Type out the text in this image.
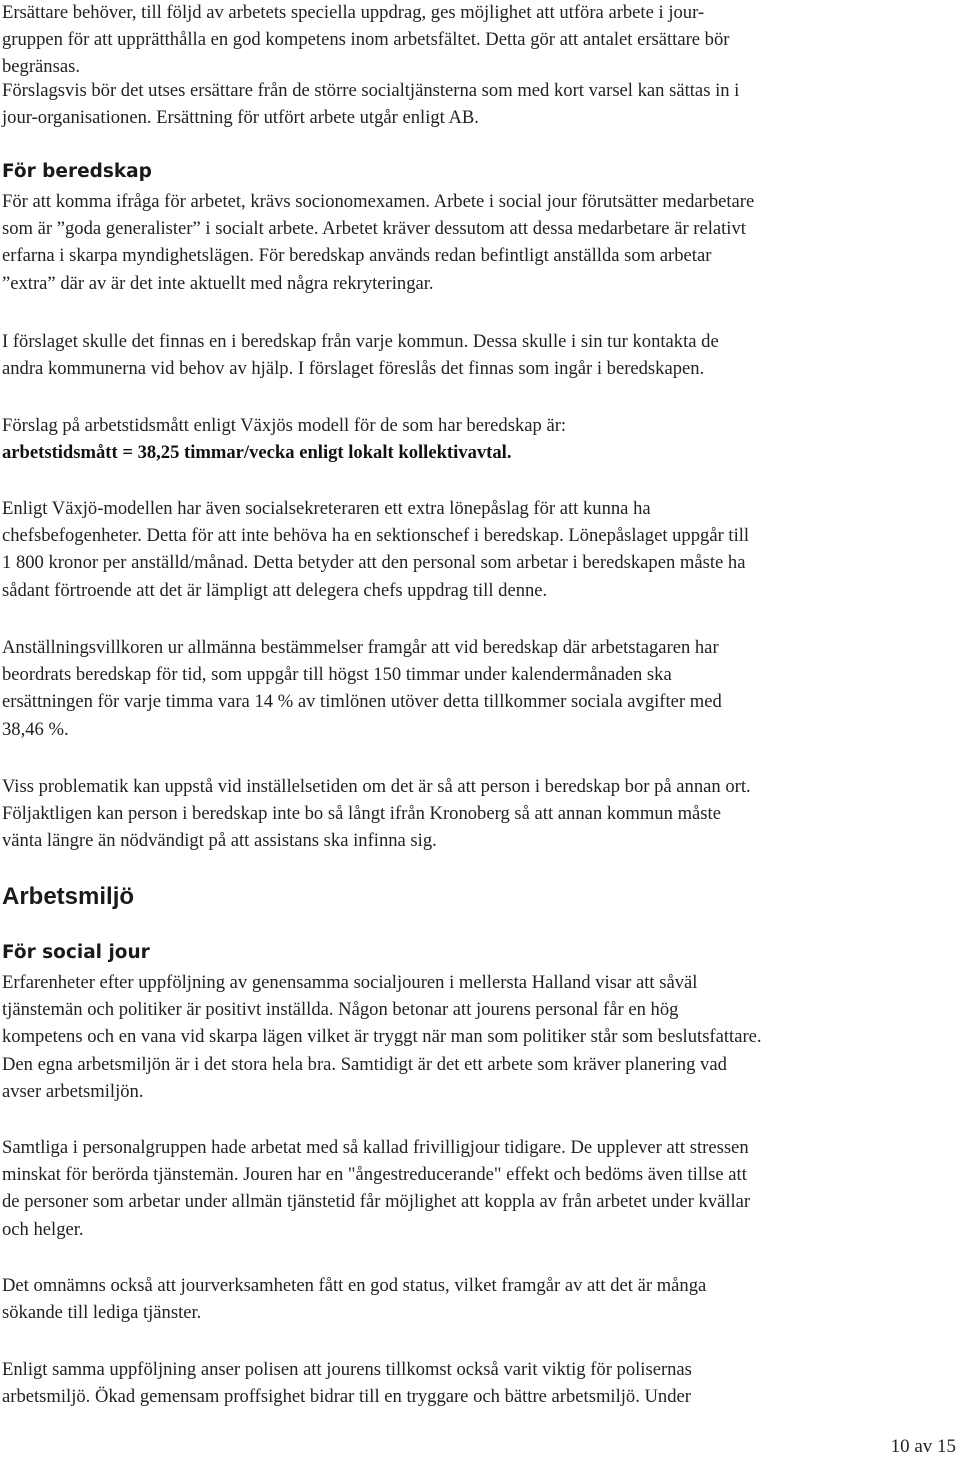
Ersättare behöver, till följd av arbetets speciella uppdrag, ges möjlighet att utföra arbete i jour-
gruppen för att upprätthålla en god kompetens inom arbetsfältet. Detta gör att antalet ersättare bör
begränsas.
Förslagsvis bör det utses ersättare från de större socialtjänsterna som med kort varsel kan sättas in i
jour-organisationen. Ersättning för utfört arbete utgår enligt AB.
För beredskap
För att komma ifråga för arbetet, krävs socionomexamen. Arbete i social jour förutsätter medarbetare
som är ”goda generalister” i socialt arbete. Arbetet kräver dessutom att dessa medarbetare är relativt
erfarna i skarpa myndighetslägen. För beredskap används redan befintligt anställda som arbetar
”extra” där av är det inte aktuellt med några rekryteringar.
I förslaget skulle det finnas en i beredskap från varje kommun. Dessa skulle i sin tur kontakta de
andra kommunerna vid behov av hjälp. I förslaget föreslås det finnas som ingår i beredskapen.
Förslag på arbetstidsmått enligt Växjös modell för de som har beredskap är:
arbetstidsmått = 38,25 timmar/vecka enligt lokalt kollektivavtal.
Enligt Växjö-modellen har även socialsekreteraren ett extra lönepåslag för att kunna ha
chefsbefogenheter. Detta för att inte behöva ha en sektionschef i beredskap. Lönepåslaget uppgår till
1 800 kronor per anställd/månad. Detta betyder att den personal som arbetar i beredskapen måste ha
sådant förtroende att det är lämpligt att delegera chefs uppdrag till denne.
Anställningsvillkoren ur allmänna bestämmelser framgår att vid beredskap där arbetstagaren har
beordrats beredskap för tid, som uppgår till högst 150 timmar under kalendermånaden ska
ersättningen för varje timma vara 14 % av timlönen utöver detta tillkommer sociala avgifter med
38,46 %.
Viss problematik kan uppstå vid inställelsetiden om det är så att person i beredskap bor på annan ort.
Följaktligen kan person i beredskap inte bo så långt ifrån Kronoberg så att annan kommun måste
vänta längre än nödvändigt på att assistans ska infinna sig.
Arbetsmiljö
För social jour
Erfarenheter efter uppföljning av genensamma socialjouren i mellersta Halland visar att såväl
tjänstemän och politiker är positivt inställda. Någon betonar att jourens personal får en hög
kompetens och en vana vid skarpa lägen vilket är tryggt när man som politiker står som beslutsfattare.
Den egna arbetsmiljön är i det stora hela bra. Samtidigt är det ett arbete som kräver planering vad
avser arbetsmiljön.
Samtliga i personalgruppen hade arbetat med så kallad frivilligjour tidigare. De upplever att stressen
minskat för berörda tjänstemän. Jouren har en "ångestreducerande" effekt och bedöms även tillse att
de personer som arbetar under allmän tjänstetid får möjlighet att koppla av från arbetet under kvällar
och helger.
Det omnämns också att jourverksamheten fått en god status, vilket framgår av att det är många
sökande till lediga tjänster.
Enligt samma uppföljning anser polisen att jourens tillkomst också varit viktig för polisernas
arbetsmiljö. Ökad gemensam proffsighet bidrar till en tryggare och bättre arbetsmiljö. Under
10 av 15
